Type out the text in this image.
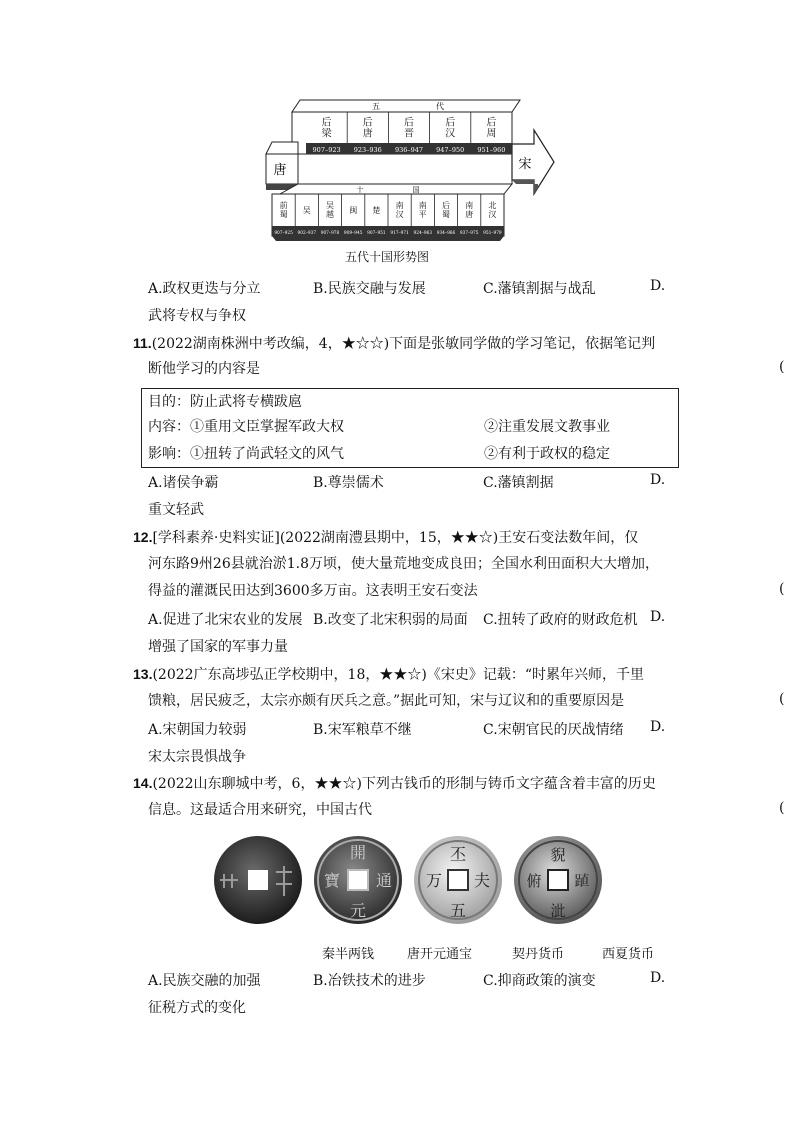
五　　　　　　　代
十　　　　　　　国
唐	宋
后
梁
907–923
后
唐
923–936
后
晋
936–947
后
汉
947–950
后
周
951–960
前
蜀
907–925
吴
902–937
吴
越
907–978
闽
909–945
楚
907–951
南
汉
917–971
南
平
924–963
后
蜀
934–966
南
唐
937–975
北
汉
951–979
五代十国形势图
A.政权更迭与分立	B.民族交融与发展	C.藩镇割据与战乱	D.
武将专权与争权
11.(2022湖南株洲中考改编，4，★☆☆)下面是张敏同学做的学习笔记，依据笔记判
断他学习的内容是	(
目的：防止武将专横跋扈
内容：①重用文臣掌握军政大权	②注重发展文教事业
影响：①扭转了尚武轻文的风气	②有利于政权的稳定
A.诸侯争霸	B.尊崇儒术	C.藩镇割据	D.
重文轻武
12.[学科素养·史料实证](2022湖南澧县期中，15，★★☆)王安石变法数年间，仅
河东路9州26县就治淤1.8万顷，使大量荒地变成良田；全国水利田面积大大增加，
得益的灌溉民田达到3600多万亩。这表明王安石变法	(
A.促进了北宋农业的发展 B.改变了北宋积弱的局面 C.扭转了政府的财政危机 D.
增强了国家的军事力量
13.(2022广东高埗弘正学校期中，18，★★☆)《宋史》记载：“时累年兴师，千里
馈粮，居民疲乏，太宗亦颇有厌兵之意。”据此可知，宋与辽议和的重要原因是	(
A.宋朝国力较弱	B.宋军粮草不继	C.宋朝官民的厌战情绪 D.
宋太宗畏惧战争
14.(2022山东聊城中考，6，★★☆)下列古钱币的形制与铸币文字蕴含着丰富的历史
信息。这最适合用来研究，中国古代	(
開
元
寶 通
丕
五
万 夫
貎
泚
俯 𨁷
秦半两钱	唐开元通宝	契丹货币	西夏货币
A.民族交融的加强	B.冶铁技术的进步	C.抑商政策的演变	D.
征税方式的变化
